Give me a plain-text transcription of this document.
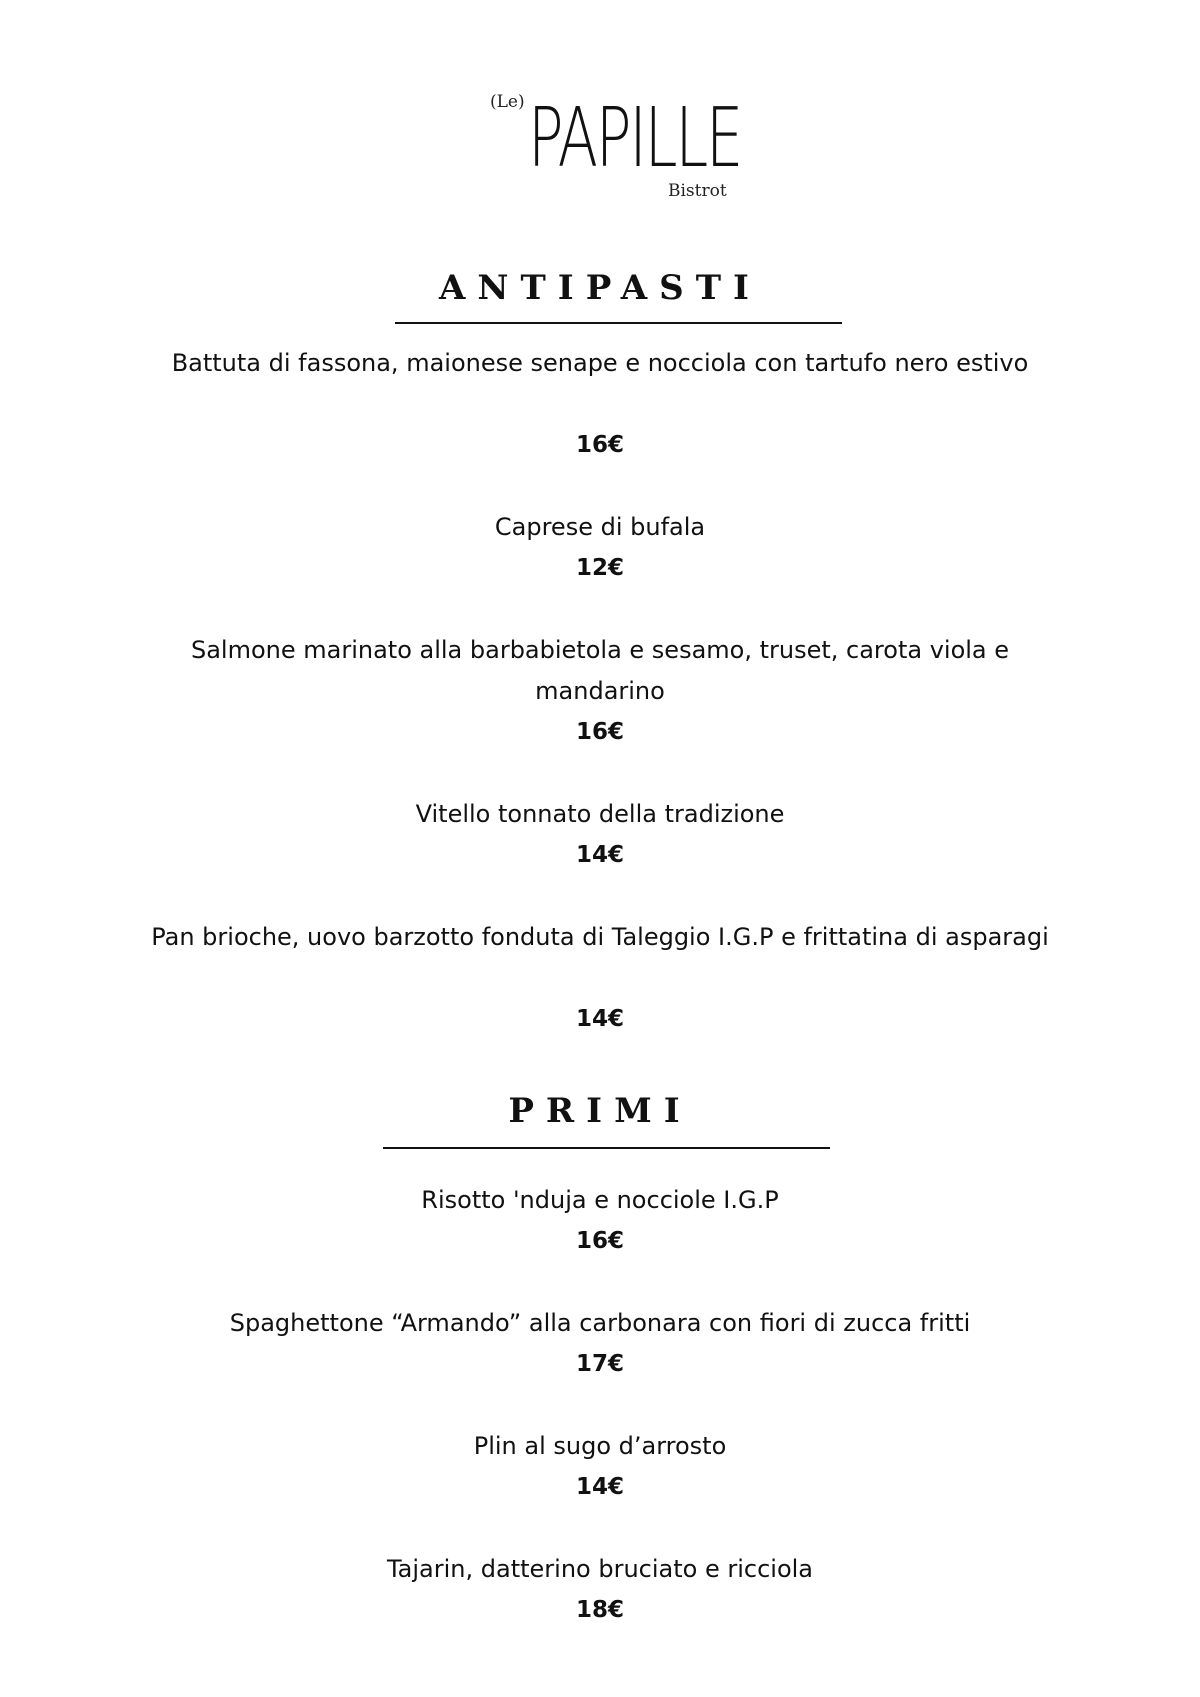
(Le) PAPILLE
Bistrot
ANTIPASTI
Battuta di fassona, maionese senape e nocciola con tartufo nero estivo
16€
Caprese di bufala
12€
Salmone marinato alla barbabietola e sesamo, truset, carota viola e mandarino
16€
Vitello tonnato della tradizione
14€
Pan brioche, uovo barzotto fonduta di Taleggio I.G.P e frittatina di asparagi
14€
PRIMI
Risotto 'nduja e nocciole I.G.P
16€
Spaghettone “Armando” alla carbonara con fiori di zucca fritti
17€
Plin al sugo d’arrosto
14€
Tajarin, datterino bruciato e ricciola
18€
